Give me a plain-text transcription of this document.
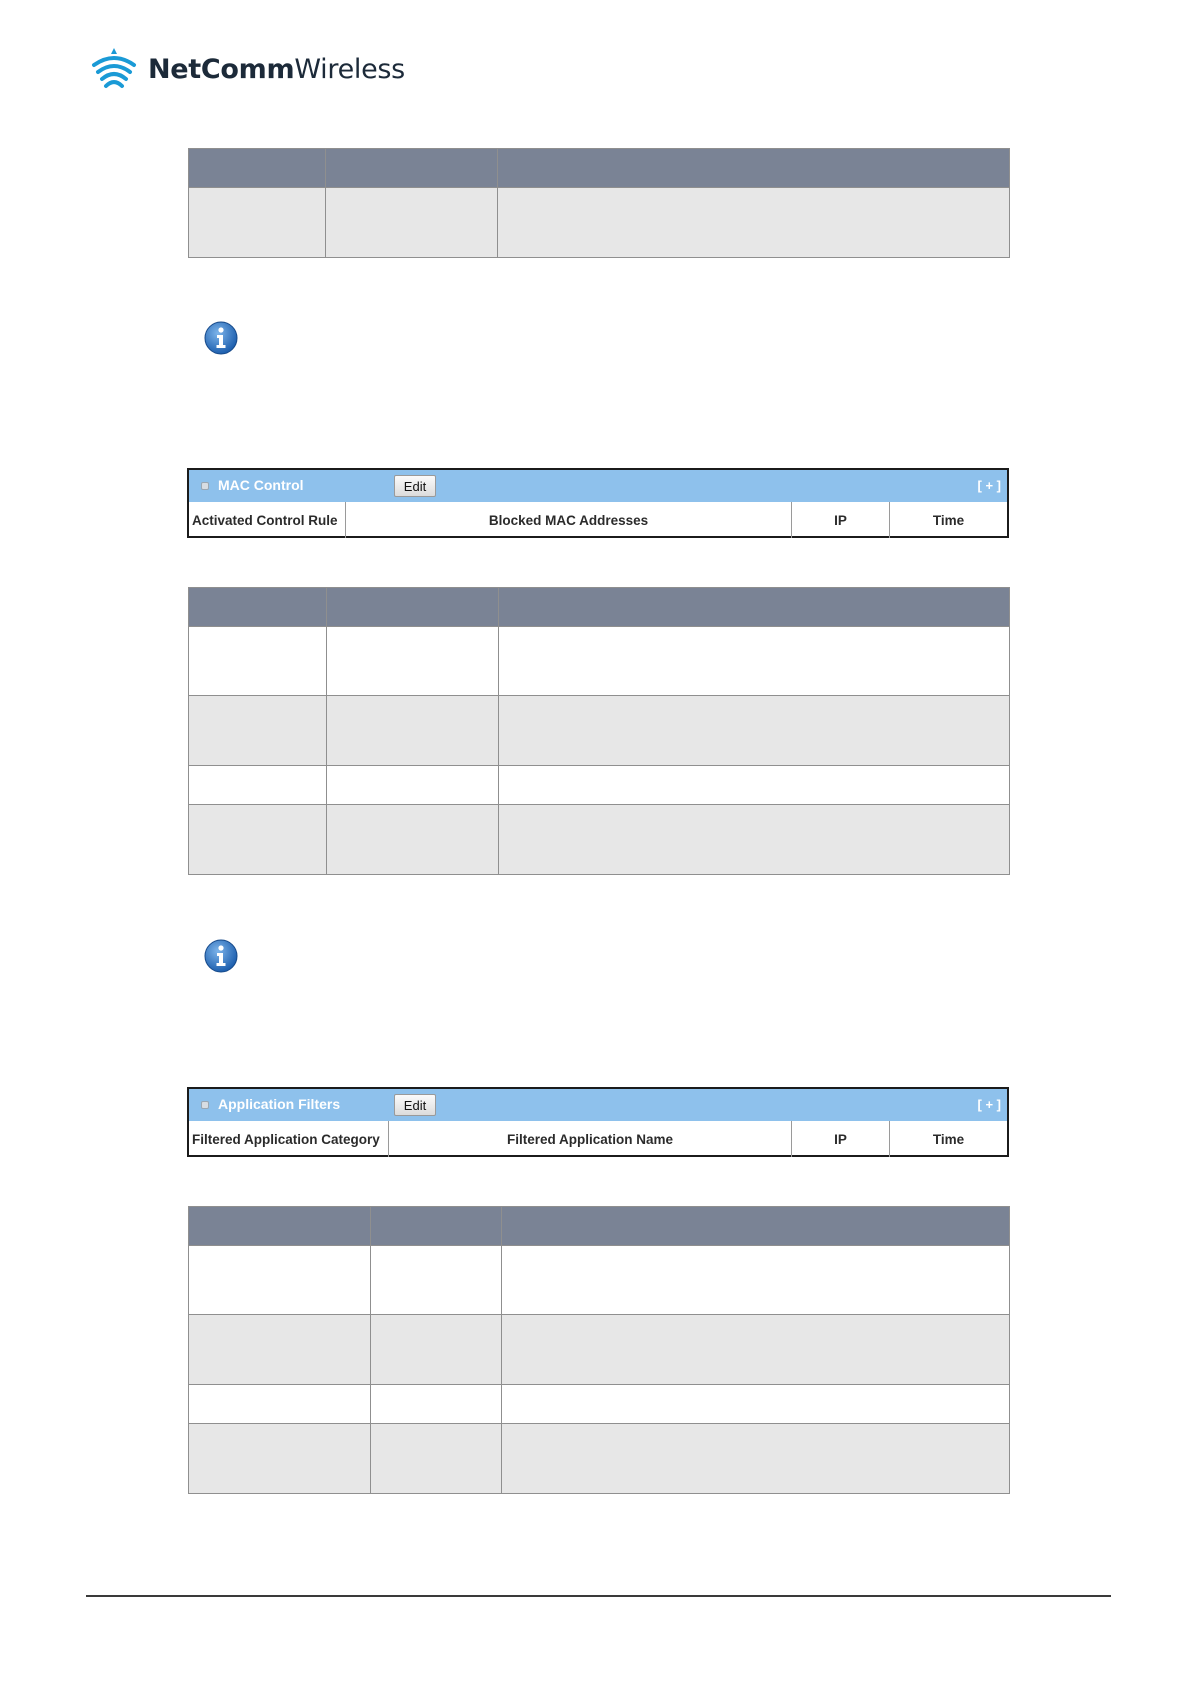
NetCommWireless

MAC Control	Edit	[ + ]
Activated Control Rule	Blocked MAC Addresses	IP	Time

Application Filters	Edit	[ + ]
Filtered Application Category	Filtered Application Name	IP	Time
